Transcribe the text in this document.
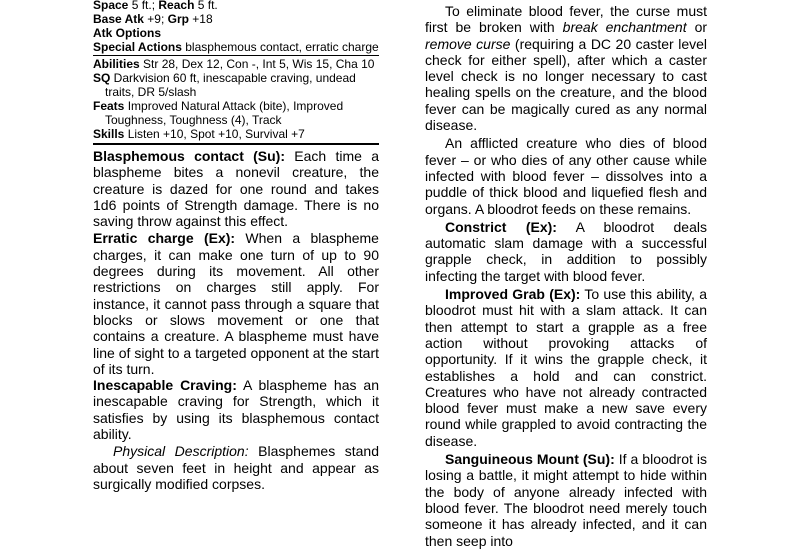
Space 5 ft.; Reach 5 ft.
Base Atk +9; Grp +18
Atk Options
Special Actions blasphemous contact, erratic charge
Abilities Str 28, Dex 12, Con -, Int 5, Wis 15, Cha 10
SQ Darkvision 60 ft, inescapable craving, undead traits, DR 5/slash
Feats Improved Natural Attack (bite), Improved Toughness, Toughness (4), Track
Skills Listen +10, Spot +10, Survival +7

Blasphemous contact (Su): Each time a blaspheme bites a nonevil creature, the creature is dazed for one round and takes 1d6 points of Strength damage. There is no saving throw against this effect.

Erratic charge (Ex): When a blaspheme charges, it can make one turn of up to 90 degrees during its movement. All other restrictions on charges still apply. For instance, it cannot pass through a square that blocks or slows movement or one that contains a creature. A blaspheme must have line of sight to a targeted opponent at the start of its turn.

Inescapable Craving: A blaspheme has an inescapable craving for Strength, which it satisfies by using its blasphemous contact ability.

Physical Description: Blasphemes stand about seven feet in height and appear as surgically modified corpses.

To eliminate blood fever, the curse must first be broken with break enchantment or remove curse (requiring a DC 20 caster level check for either spell), after which a caster level check is no longer necessary to cast healing spells on the creature, and the blood fever can be magically cured as any normal disease.

An afflicted creature who dies of blood fever – or who dies of any other cause while infected with blood fever – dissolves into a puddle of thick blood and liquefied flesh and organs. A bloodrot feeds on these remains.

Constrict (Ex): A bloodrot deals automatic slam damage with a successful grapple check, in addition to possibly infecting the target with blood fever.

Improved Grab (Ex): To use this ability, a bloodrot must hit with a slam attack. It can then attempt to start a grapple as a free action without provoking attacks of opportunity. If it wins the grapple check, it establishes a hold and can constrict. Creatures who have not already contracted blood fever must make a new save every round while grappled to avoid contracting the disease.

Sanguineous Mount (Su): If a bloodrot is losing a battle, it might attempt to hide within the body of anyone already infected with blood fever. The bloodrot need merely touch someone it has already infected, and it can then seep into
